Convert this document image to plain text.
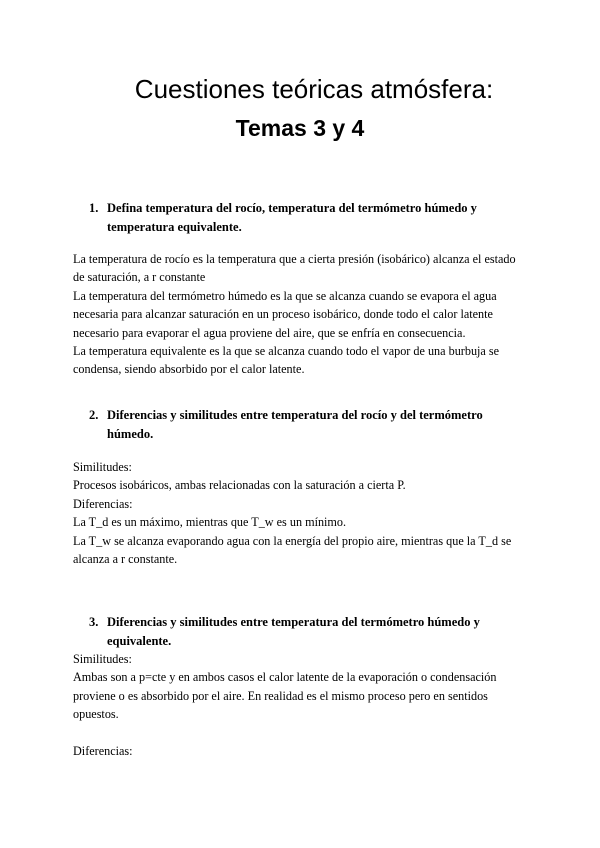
Cuestiones teóricas atmósfera:
Temas 3 y 4
1. Defina temperatura del rocío, temperatura del termómetro húmedo y temperatura equivalente.

La temperatura de rocío es la temperatura que a cierta presión (isobárico) alcanza el estado de saturación, a r constante
La temperatura del termómetro húmedo es la que se alcanza cuando se evapora el agua necesaria para alcanzar saturación en un proceso isobárico, donde todo el calor latente necesario para evaporar el agua proviene del aire, que se enfría en consecuencia.
La temperatura equivalente es la que se alcanza cuando todo el vapor de una burbuja se condensa, siendo absorbido por el calor latente.

2. Diferencias y similitudes entre temperatura del rocío y del termómetro húmedo.

Similitudes:
Procesos isobáricos, ambas relacionadas con la saturación a cierta P.
Diferencias:
La T_d es un máximo, mientras que T_w es un mínimo.
La T_w se alcanza evaporando agua con la energía del propio aire, mientras que la T_d se alcanza a r constante.

3. Diferencias y similitudes entre temperatura del termómetro húmedo y equivalente.

Similitudes:
Ambas son a p=cte y en ambos casos el calor latente de la evaporación o condensación proviene o es absorbido por el aire. En realidad es el mismo proceso pero en sentidos opuestos.

Diferencias:
